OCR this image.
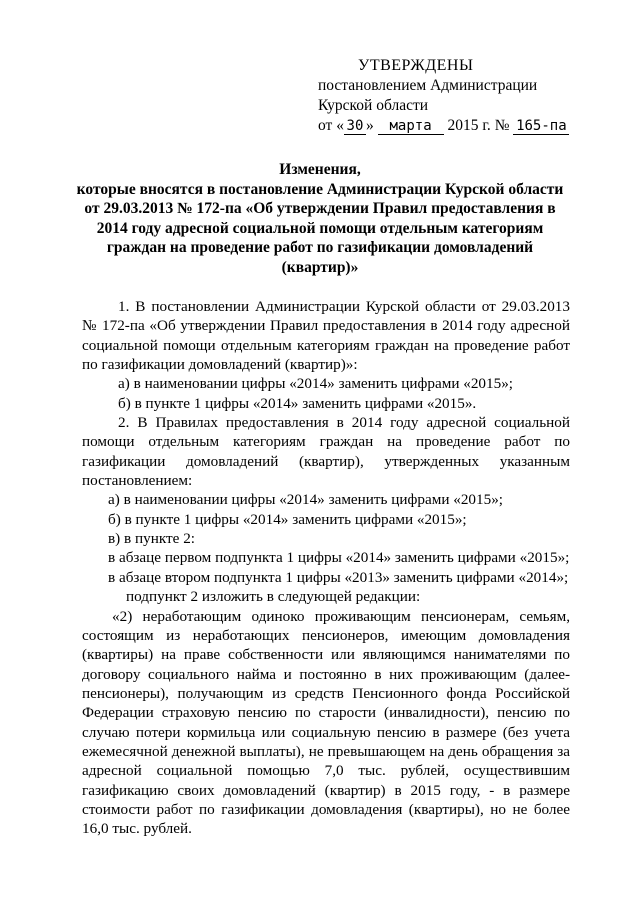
УТВЕРЖДЕНЫ
постановлением Администрации
Курской области
от « 30 » марта 2015 г. № 165-па
Изменения,
которые вносятся в постановление Администрации Курской области
от 29.03.2013 № 172-па «Об утверждении Правил предоставления в
2014 году адресной социальной помощи отдельным категориям
граждан на проведение работ по газификации домовладений
(квартир)»

1. В постановлении Администрации Курской области от 29.03.2013 № 172-па «Об утверждении Правил предоставления в 2014 году адресной социальной помощи отдельным категориям граждан на проведение работ по газификации домовладений (квартир)»:

а) в наименовании цифры «2014» заменить цифрами «2015»;

б) в пункте 1 цифры «2014» заменить цифрами «2015».

2. В Правилах предоставления в 2014 году адресной социальной помощи отдельным категориям граждан на проведение работ по газификации домовладений (квартир), утвержденных указанным постановлением:

а) в наименовании цифры «2014» заменить цифрами «2015»;

б) в пункте 1 цифры «2014» заменить цифрами «2015»;

в) в пункте 2:

в абзаце первом подпункта 1 цифры «2014» заменить цифрами «2015»;

в абзаце втором подпункта 1 цифры «2013» заменить цифрами «2014»;

подпункт 2 изложить в следующей редакции:

«2) неработающим одиноко проживающим пенсионерам, семьям, состоящим из неработающих пенсионеров, имеющим домовладения (квартиры) на праве собственности или являющимся нанимателями по договору социального найма и постоянно в них проживающим (далее-пенсионеры), получающим из средств Пенсионного фонда Российской Федерации страховую пенсию по старости (инвалидности), пенсию по случаю потери кормильца или социальную пенсию в размере (без учета ежемесячной денежной выплаты), не превышающем на день обращения за адресной социальной помощью 7,0 тыс. рублей, осуществившим газификацию своих домовладений (квартир) в 2015 году, - в размере стоимости работ по газификации домовладения (квартиры), но не более 16,0 тыс. рублей.
